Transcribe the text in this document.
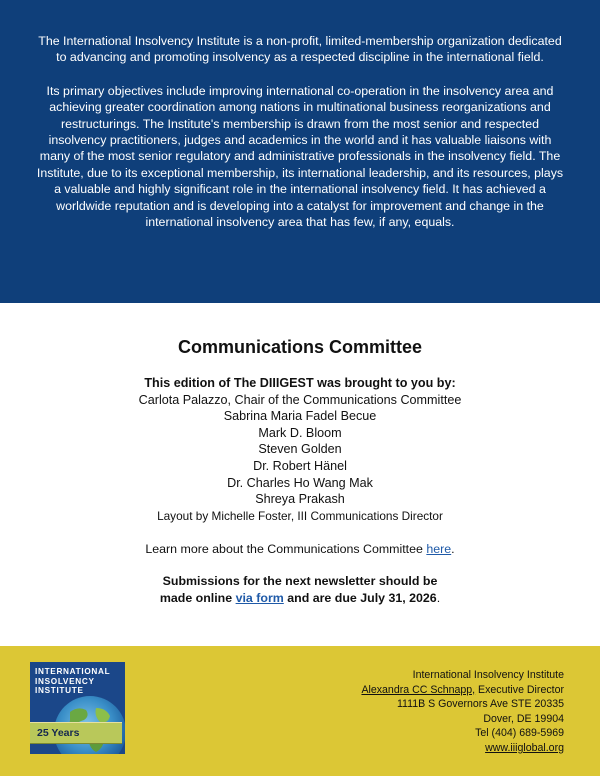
The International Insolvency Institute is a non-profit, limited-membership organization dedicated to advancing and promoting insolvency as a respected discipline in the international field.

Its primary objectives include improving international co-operation in the insolvency area and achieving greater coordination among nations in multinational business reorganizations and restructurings. The Institute's membership is drawn from the most senior and respected insolvency practitioners, judges and academics in the world and it has valuable liaisons with many of the most senior regulatory and administrative professionals in the insolvency field. The Institute, due to its exceptional membership, its international leadership, and its resources, plays a valuable and highly significant role in the international insolvency field. It has achieved a worldwide reputation and is developing into a catalyst for improvement and change in the international insolvency area that has few, if any, equals.

Communications Committee
This edition of The DIIIGEST was brought to you by:
Carlota Palazzo, Chair of the Communications Committee
Sabrina Maria Fadel Becue
Mark D. Bloom
Steven Golden
Dr. Robert Hänel
Dr. Charles Ho Wang Mak
Shreya Prakash
Layout by Michelle Foster, III Communications Director
Learn more about the Communications Committee here.
Submissions for the next newsletter should be
made online via form and are due July 31, 2026.
INTERNATIONAL
INSOLVENCY
INSTITUTE
25 Years
International Insolvency Institute
Alexandra CC Schnapp, Executive Director
1111B S Governors Ave STE 20335
Dover, DE 19904
Tel (404) 689-5969
www.iiiglobal.org
